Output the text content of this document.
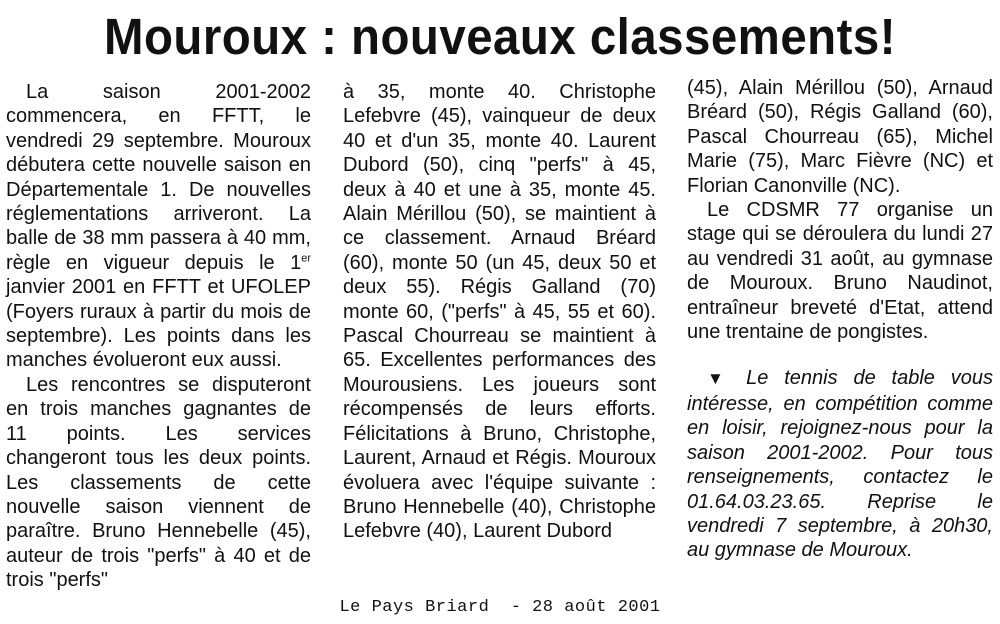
Mouroux : nouveaux classements!

La saison 2001-2002 commencera, en FFTT, le vendredi 29 septembre. Mouroux débutera cette nouvelle saison en Départementale 1. De nouvelles réglementations arriveront. La balle de 38 mm passera à 40 mm, règle en vigueur depuis le 1er janvier 2001 en FFTT et UFOLEP (Foyers ruraux à partir du mois de septembre). Les points dans les manches évolueront eux aussi.

Les rencontres se disputeront en trois manches gagnantes de 11 points. Les services changeront tous les deux points. Les classements de cette nouvelle saison viennent de paraître. Bruno Hennebelle (45), auteur de trois "perfs" à 40 et de trois "perfs"

à 35, monte 40. Christophe Lefebvre (45), vainqueur de deux 40 et d'un 35, monte 40. Laurent Dubord (50), cinq "perfs" à 45, deux à 40 et une à 35, monte 45. Alain Mérillou (50), se maintient à ce classement. Arnaud Bréard (60), monte 50 (un 45, deux 50 et deux 55). Régis Galland (70) monte 60, ("perfs" à 45, 55 et 60). Pascal Chourreau se maintient à 65. Excellentes performances des Mourousiens. Les joueurs sont récompensés de leurs efforts. Félicitations à Bruno, Christophe, Laurent, Arnaud et Régis. Mouroux évoluera avec l'équipe suivante : Bruno Hennebelle (40), Christophe Lefebvre (40), Laurent Dubord

(45), Alain Mérillou (50), Arnaud Bréard (50), Régis Galland (60), Pascal Chourreau (65), Michel Marie (75), Marc Fièvre (NC) et Florian Canonville (NC).

Le CDSMR 77 organise un stage qui se déroulera du lundi 27 au vendredi 31 août, au gymnase de Mouroux. Bruno Naudinot, entraîneur breveté d'Etat, attend une trentaine de pongistes.

▼ Le tennis de table vous intéresse, en compétition comme en loisir, rejoignez-nous pour la saison 2001-2002. Pour tous renseignements, contactez le 01.64.03.23.65. Reprise le vendredi 7 septembre, à 20h30, au gymnase de Mouroux.

Le Pays Briard  - 28 août 2001
